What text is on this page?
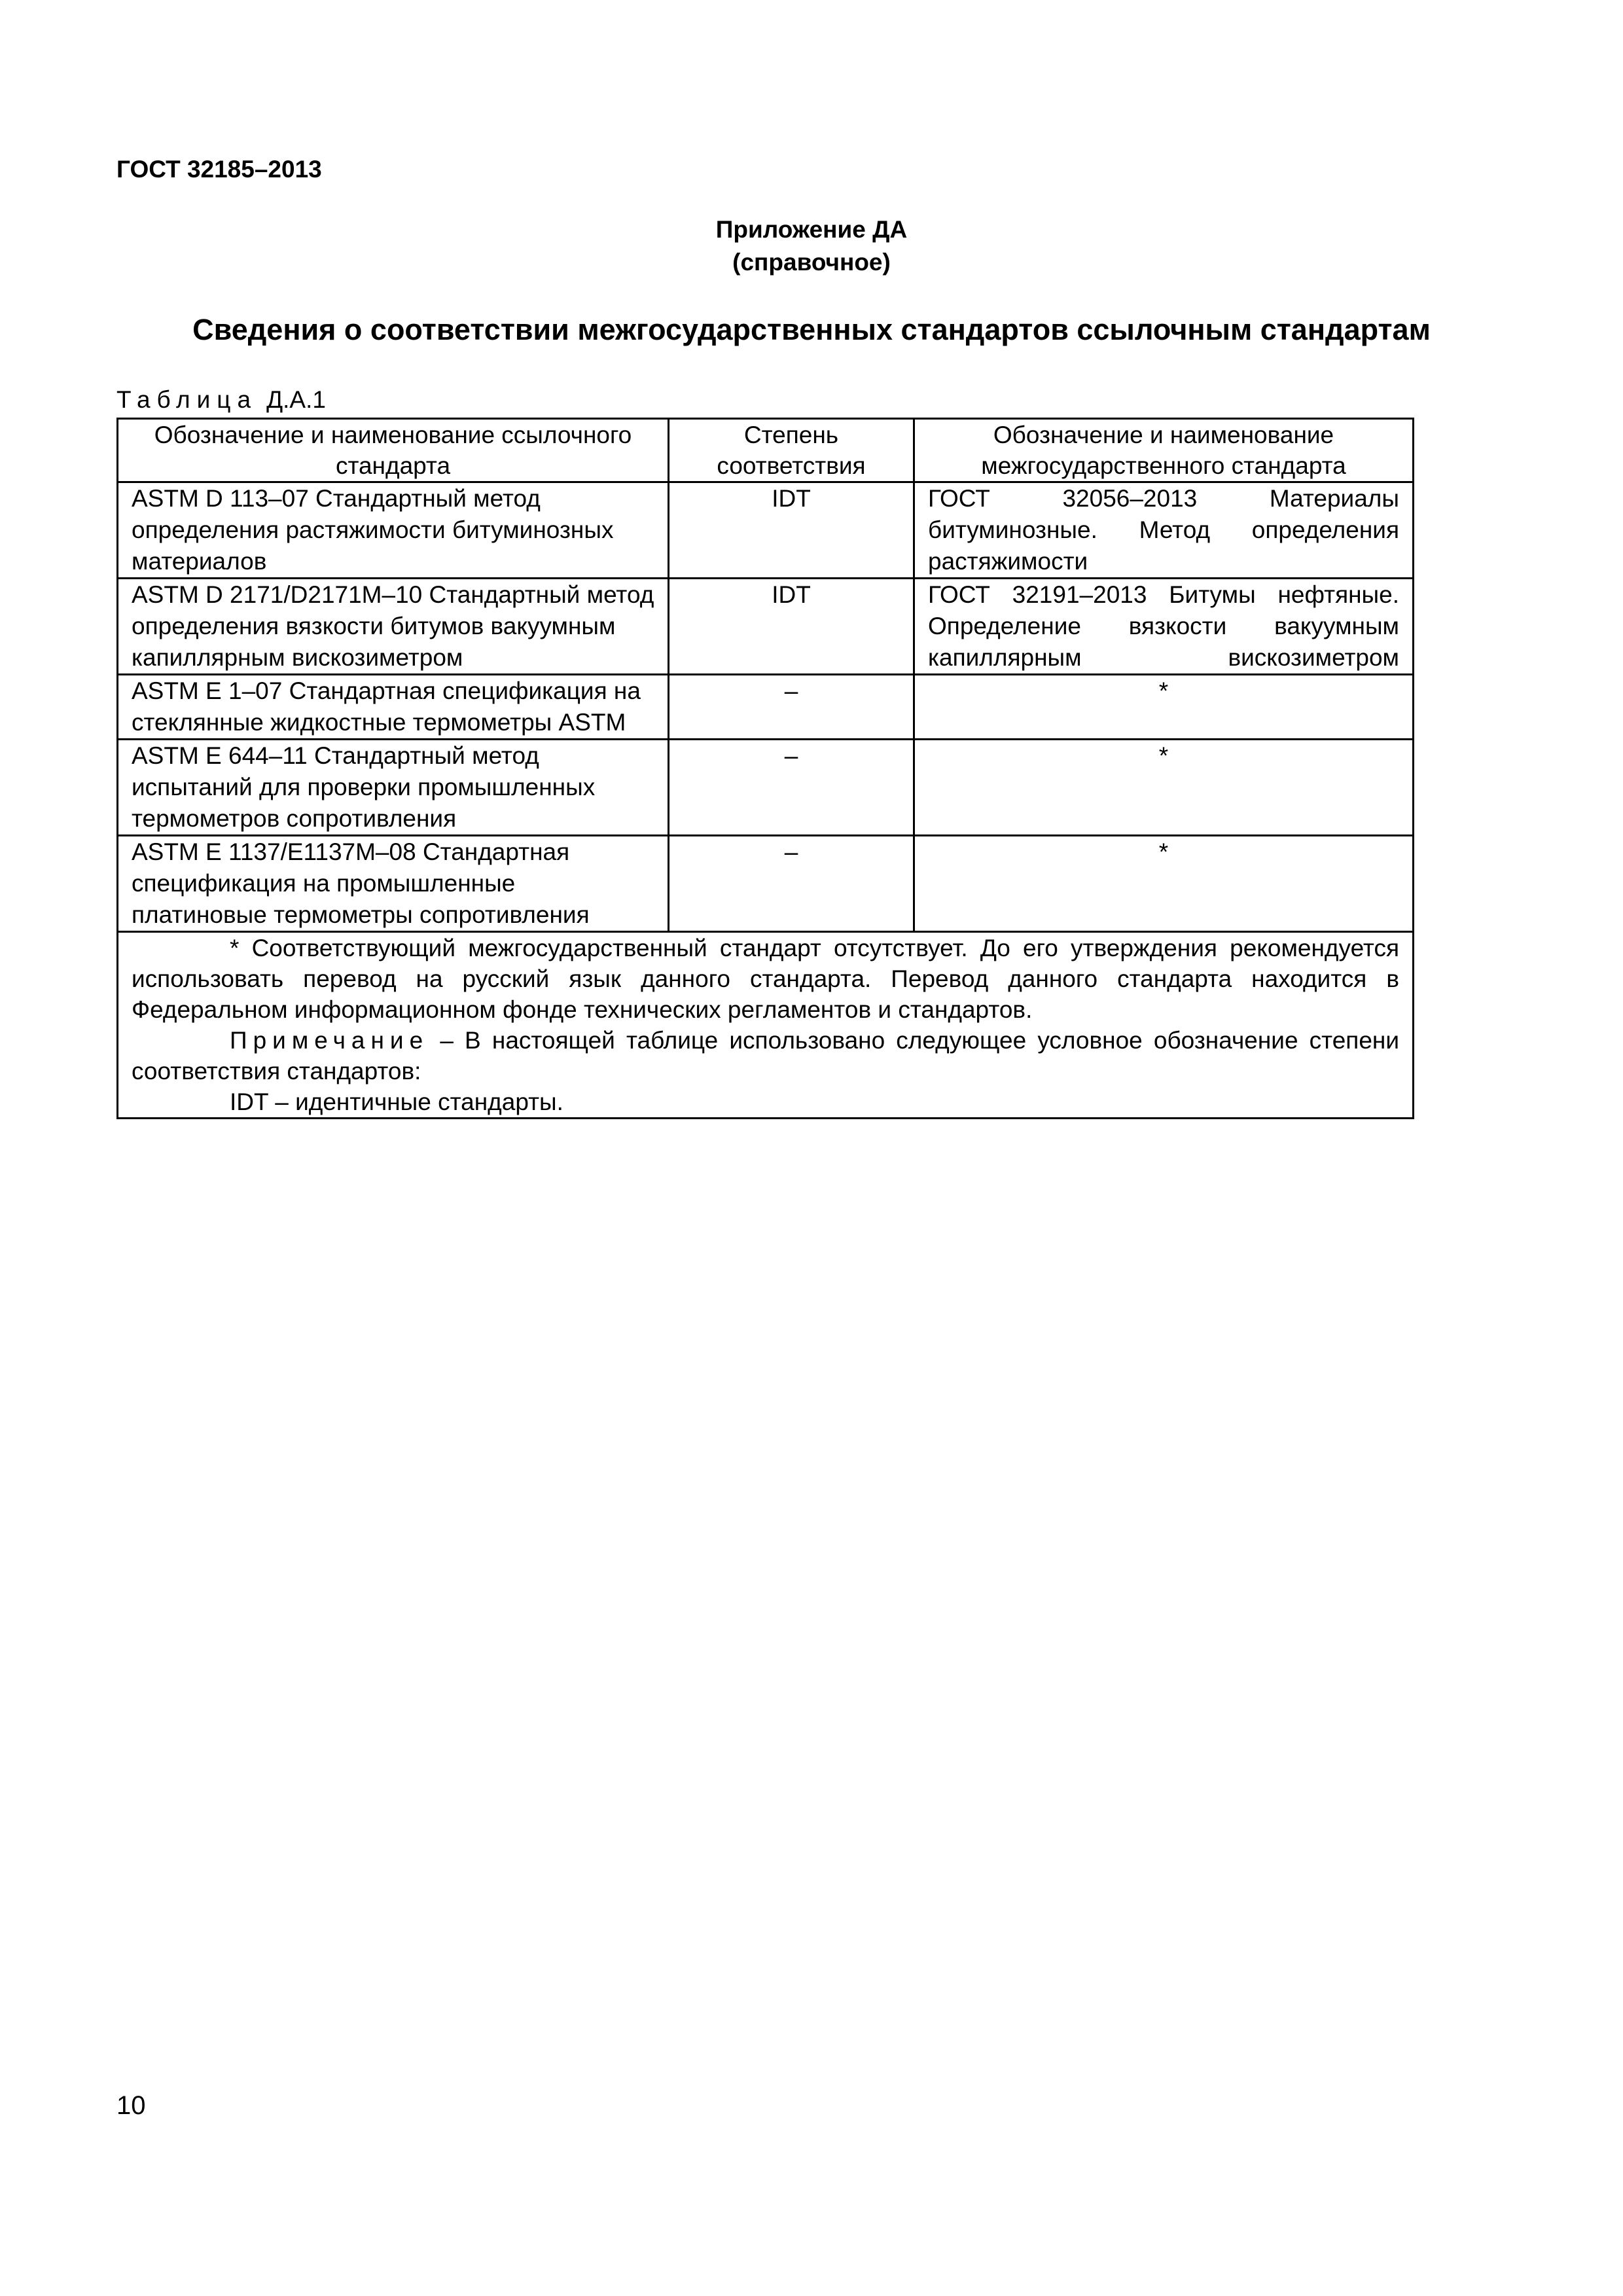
ГОСТ 32185–2013
Приложение ДА
(справочное)
Сведения о соответствии межгосударственных стандартов ссылочным стандартам
Таблица Д.А.1
Обозначение и наименование ссылочного стандарта	Степень соответствия	Обозначение и наименование межгосударственного стандарта
ASTM D 113–07 Стандартный метод определения растяжимости битуминозных материалов	IDT	ГОСТ 32056–2013 Материалы битуминозные. Метод определения растяжимости
ASTM D 2171/D2171M–10 Стандартный метод определения вязкости битумов вакуумным капиллярным вискозиметром	IDT	ГОСТ 32191–2013 Битумы нефтяные. Определение вязкости вакуумным капиллярным вискозиметром
ASTM E 1–07 Стандартная спецификация на стеклянные жидкостные термометры ASTM	–	*
ASTM E 644–11 Стандартный метод испытаний для проверки промышленных термометров сопротивления	–	*
ASTM E 1137/E1137M–08 Стандартная спецификация на промышленные платиновые термометры сопротивления	–	*

* Соответствующий межгосударственный стандарт отсутствует. До его утверждения рекомендуется использовать перевод на русский язык данного стандарта. Перевод данного стандарта находится в Федеральном информационном фонде технических регламентов и стандартов.
Примечание – В настоящей таблице использовано следующее условное обозначение степени соответствия стандартов:
IDT – идентичные стандарты.		
10
